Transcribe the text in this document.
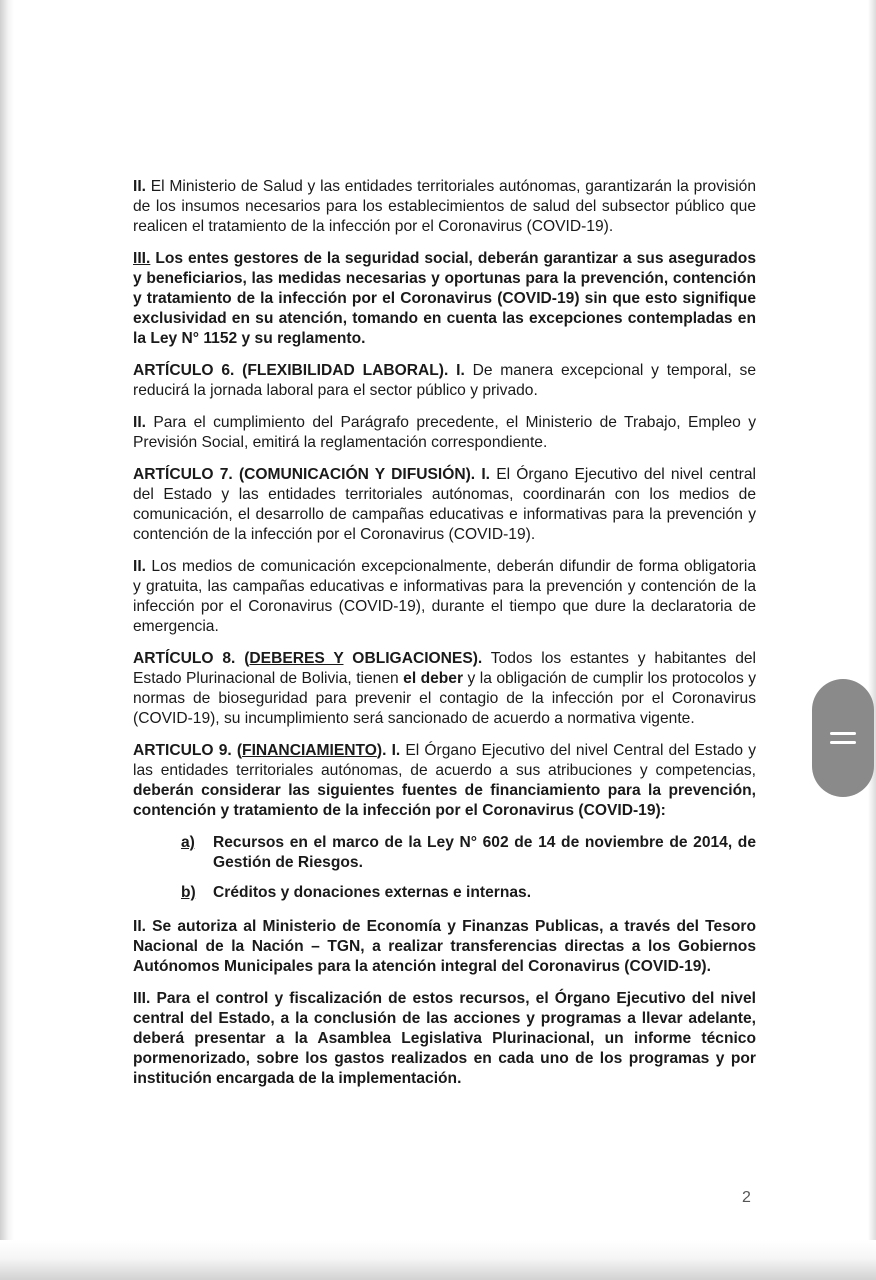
II. El Ministerio de Salud y las entidades territoriales autónomas, garantizarán la provisión de los insumos necesarios para los establecimientos de salud del subsector público que realicen el tratamiento de la infección por el Coronavirus (COVID-19).

III. Los entes gestores de la seguridad social, deberán garantizar a sus asegurados y beneficiarios, las medidas necesarias y oportunas para la prevención, contención y tratamiento de la infección por el Coronavirus (COVID-19) sin que esto signifique exclusividad en su atención, tomando en cuenta las excepciones contempladas en la Ley N° 1152 y su reglamento.

ARTÍCULO 6. (FLEXIBILIDAD LABORAL). I. De manera excepcional y temporal, se reducirá la jornada laboral para el sector público y privado.

II. Para el cumplimiento del Parágrafo precedente, el Ministerio de Trabajo, Empleo y Previsión Social, emitirá la reglamentación correspondiente.

ARTÍCULO 7. (COMUNICACIÓN Y DIFUSIÓN). I. El Órgano Ejecutivo del nivel central del Estado y las entidades territoriales autónomas, coordinarán con los medios de comunicación, el desarrollo de campañas educativas e informativas para la prevención y contención de la infección por el Coronavirus (COVID-19).

II. Los medios de comunicación excepcionalmente, deberán difundir de forma obligatoria y gratuita, las campañas educativas e informativas para la prevención y contención de la infección por el Coronavirus (COVID-19), durante el tiempo que dure la declaratoria de emergencia.

ARTÍCULO 8. (DEBERES Y OBLIGACIONES). Todos los estantes y habitantes del Estado Plurinacional de Bolivia, tienen el deber y la obligación de cumplir los protocolos y normas de bioseguridad para prevenir el contagio de la infección por el Coronavirus (COVID-19), su incumplimiento será sancionado de acuerdo a normativa vigente.

ARTICULO 9. (FINANCIAMIENTO). I. El Órgano Ejecutivo del nivel Central del Estado y las entidades territoriales autónomas, de acuerdo a sus atribuciones y competencias, deberán considerar las siguientes fuentes de financiamiento para la prevención, contención y tratamiento de la infección por el Coronavirus (COVID-19):

a)	Recursos en el marco de la Ley N° 602 de 14 de noviembre de 2014, de Gestión de Riesgos.
b)	Créditos y donaciones externas e internas.

II. Se autoriza al Ministerio de Economía y Finanzas Publicas, a través del Tesoro Nacional de la Nación – TGN, a realizar transferencias directas a los Gobiernos Autónomos Municipales para la atención integral del Coronavirus (COVID-19).

III. Para el control y fiscalización de estos recursos, el Órgano Ejecutivo del nivel central del Estado, a la conclusión de las acciones y programas a llevar adelante, deberá presentar a la Asamblea Legislativa Plurinacional, un informe técnico pormenorizado, sobre los gastos realizados en cada uno de los programas y por institución encargada de la implementación.

2
